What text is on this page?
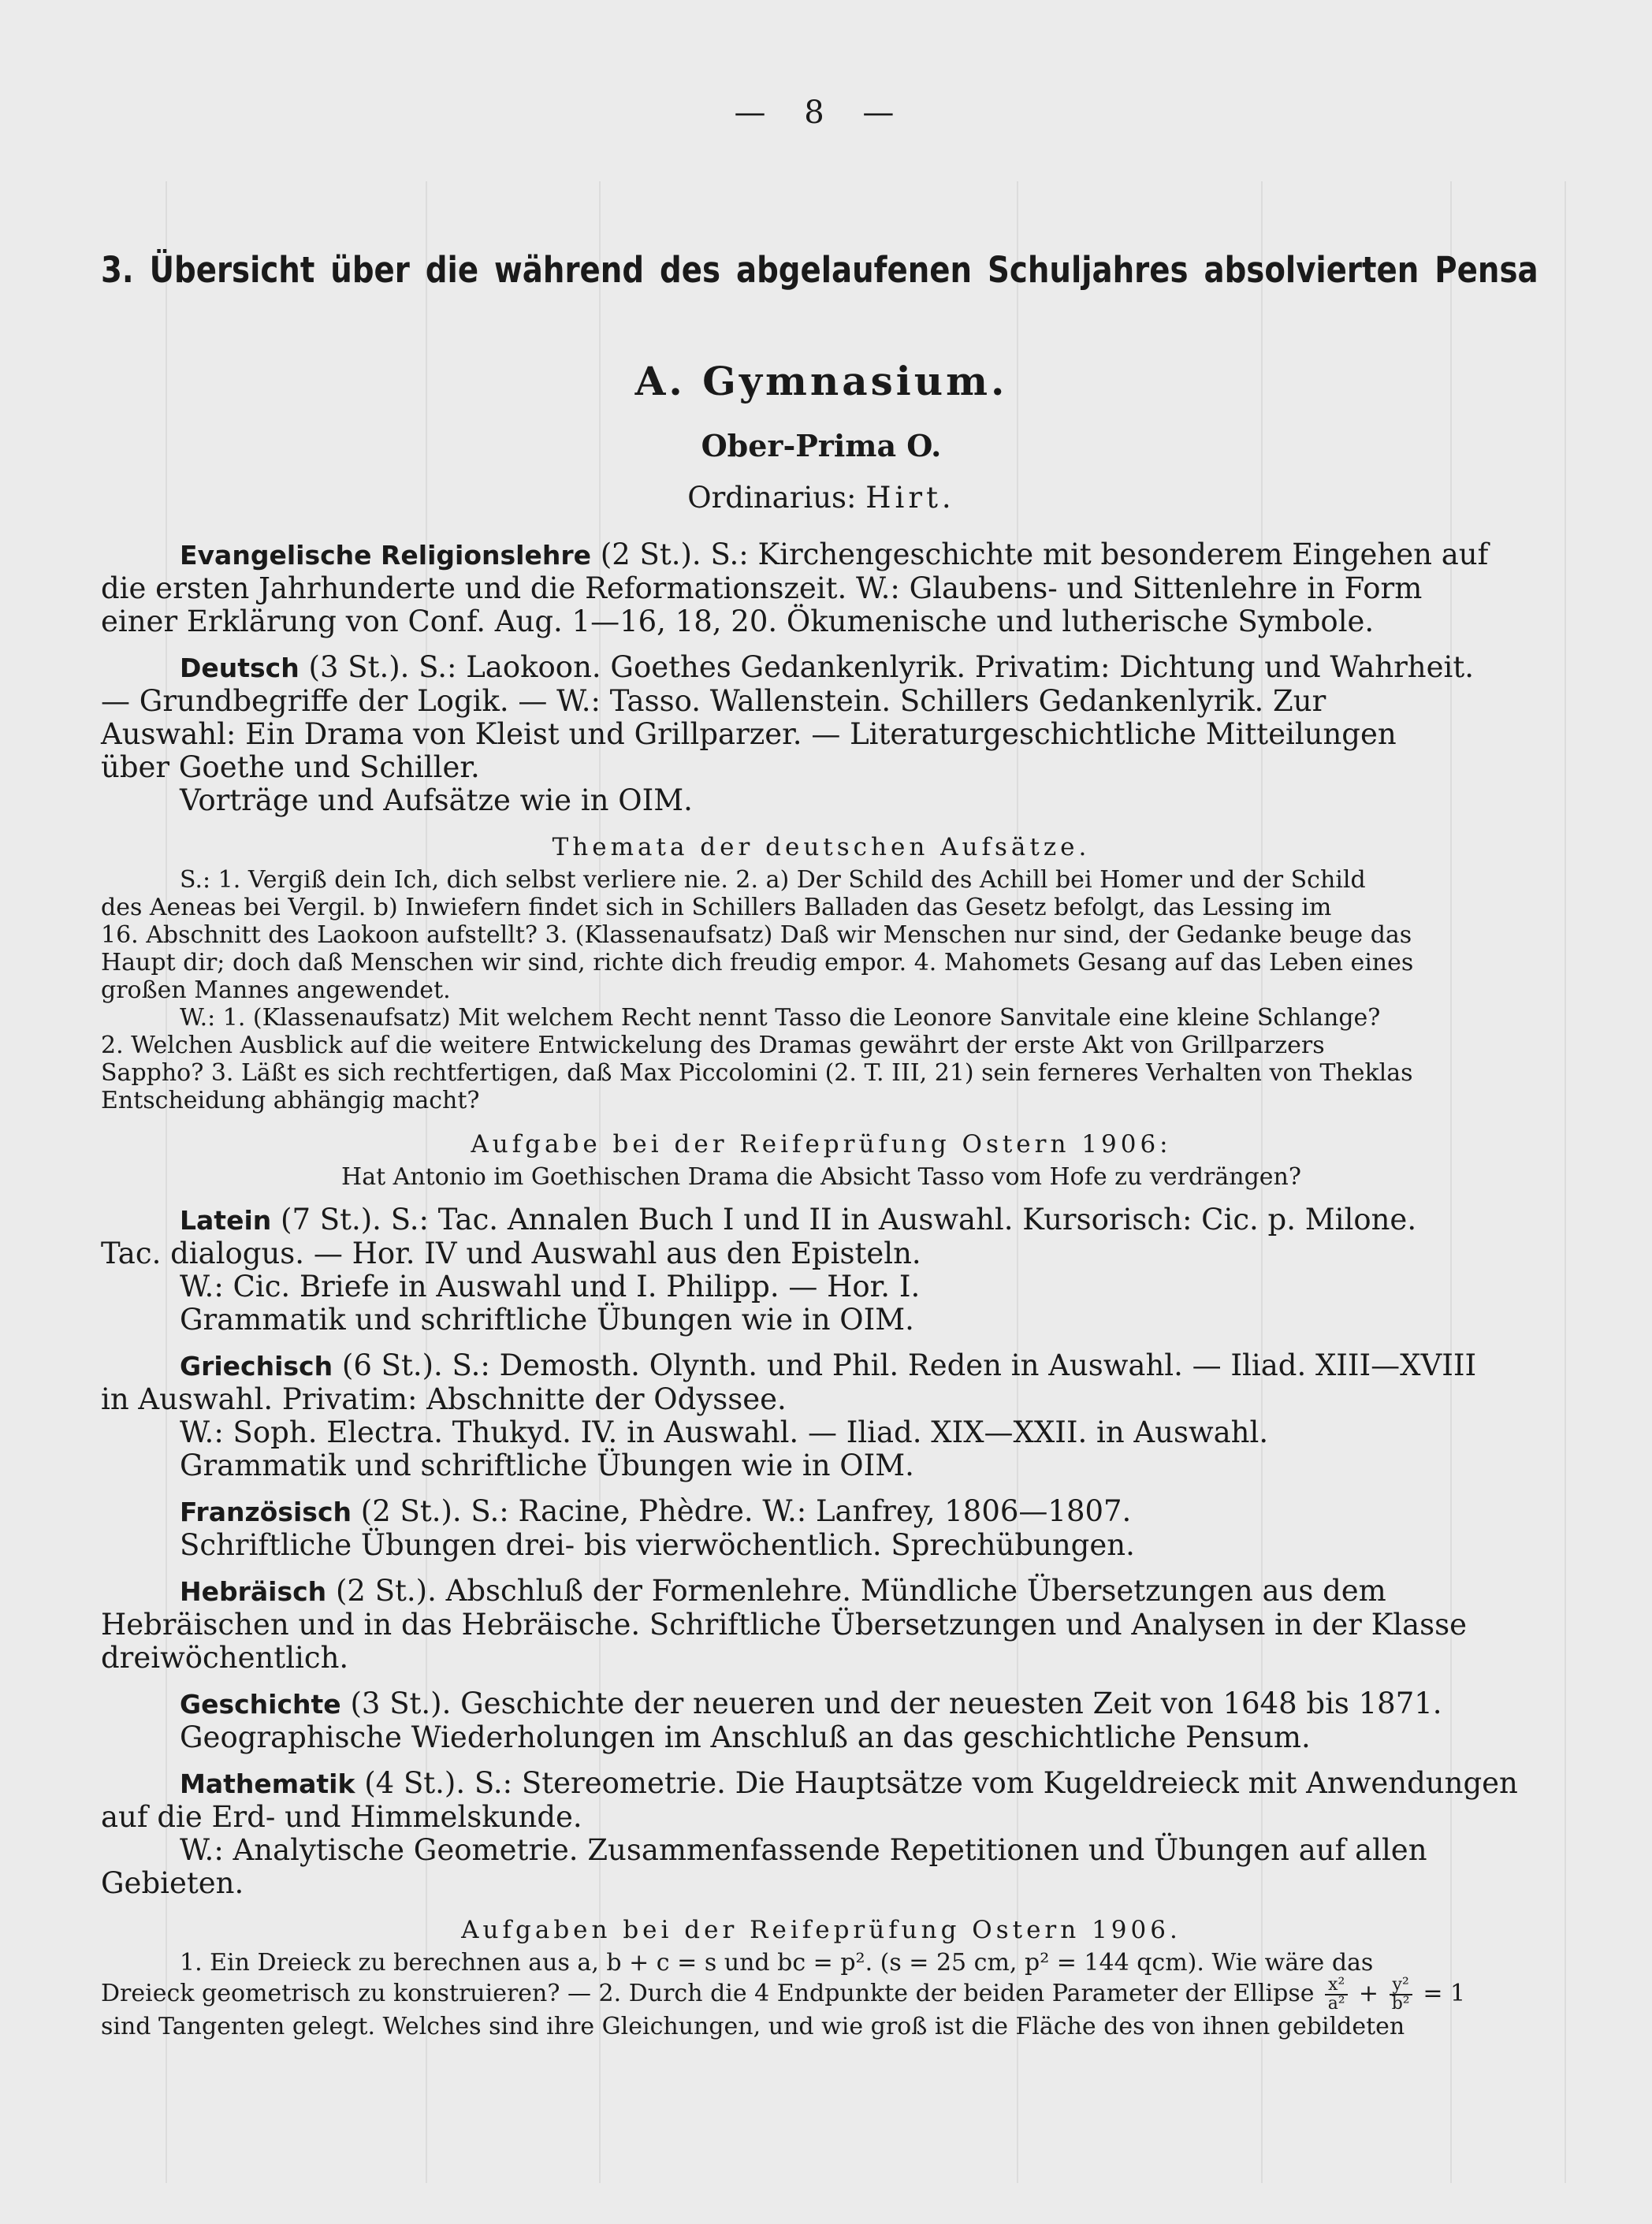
— 8 —
3. Übersicht über die während des abgelaufenen Schuljahres absolvierten Pensa
A. Gymnasium.
Ober-Prima O.
Ordinarius: Hirt.

Evangelische Religionslehre (2 St.). S.: Kirchengeschichte mit besonderem Eingehen auf
die ersten Jahrhunderte und die Reformationszeit. W.: Glaubens- und Sittenlehre in Form
einer Erklärung von Conf. Aug. 1—16, 18, 20. Ökumenische und lutherische Symbole.

Deutsch (3 St.). S.: Laokoon. Goethes Gedankenlyrik. Privatim: Dichtung und Wahrheit.
— Grundbegriffe der Logik. — W.: Tasso. Wallenstein. Schillers Gedankenlyrik. Zur
Auswahl: Ein Drama von Kleist und Grillparzer. — Literaturgeschichtliche Mitteilungen
über Goethe und Schiller.
Vorträge und Aufsätze wie in OIM.

Themata der deutschen Aufsätze.
S.: 1. Vergiß dein Ich, dich selbst verliere nie. 2. a) Der Schild des Achill bei Homer und der Schild
des Aeneas bei Vergil. b) Inwiefern findet sich in Schillers Balladen das Gesetz befolgt, das Lessing im
16. Abschnitt des Laokoon aufstellt? 3. (Klassenaufsatz) Daß wir Menschen nur sind, der Gedanke beuge das
Haupt dir; doch daß Menschen wir sind, richte dich freudig empor. 4. Mahomets Gesang auf das Leben eines
großen Mannes angewendet.
W.: 1. (Klassenaufsatz) Mit welchem Recht nennt Tasso die Leonore Sanvitale eine kleine Schlange?
2. Welchen Ausblick auf die weitere Entwickelung des Dramas gewährt der erste Akt von Grillparzers
Sappho? 3. Läßt es sich rechtfertigen, daß Max Piccolomini (2. T. III, 21) sein ferneres Verhalten von Theklas
Entscheidung abhängig macht?
Aufgabe bei der Reifeprüfung Ostern 1906:
Hat Antonio im Goethischen Drama die Absicht Tasso vom Hofe zu verdrängen?

Latein (7 St.). S.: Tac. Annalen Buch I und II in Auswahl. Kursorisch: Cic. p. Milone.
Tac. dialogus. — Hor. IV und Auswahl aus den Episteln.
W.: Cic. Briefe in Auswahl und I. Philipp. — Hor. I.
Grammatik und schriftliche Übungen wie in OIM.

Griechisch (6 St.). S.: Demosth. Olynth. und Phil. Reden in Auswahl. — Iliad. XIII—XVIII
in Auswahl. Privatim: Abschnitte der Odyssee.
W.: Soph. Electra. Thukyd. IV. in Auswahl. — Iliad. XIX—XXII. in Auswahl.
Grammatik und schriftliche Übungen wie in OIM.

Französisch (2 St.). S.: Racine, Phèdre. W.: Lanfrey, 1806—1807.
Schriftliche Übungen drei- bis vierwöchentlich. Sprechübungen.

Hebräisch (2 St.). Abschluß der Formenlehre. Mündliche Übersetzungen aus dem
Hebräischen und in das Hebräische. Schriftliche Übersetzungen und Analysen in der Klasse
dreiwöchentlich.

Geschichte (3 St.). Geschichte der neueren und der neuesten Zeit von 1648 bis 1871.
Geographische Wiederholungen im Anschluß an das geschichtliche Pensum.

Mathematik (4 St.). S.: Stereometrie. Die Hauptsätze vom Kugeldreieck mit Anwendungen
auf die Erd- und Himmelskunde.
W.: Analytische Geometrie. Zusammenfassende Repetitionen und Übungen auf allen
Gebieten.

Aufgaben bei der Reifeprüfung Ostern 1906.
1. Ein Dreieck zu berechnen aus a, b + c = s und bc = p². (s = 25 cm, p² = 144 qcm). Wie wäre das
Dreieck geometrisch zu konstruieren? — 2. Durch die 4 Endpunkte der beiden Parameter der Ellipse $\frac{\text{x²}}{\text{a²}} + \frac{\text{y²}}{\text{b²}} = 1$
sind Tangenten gelegt. Welches sind ihre Gleichungen, und wie groß ist die Fläche des von ihnen gebildeten
